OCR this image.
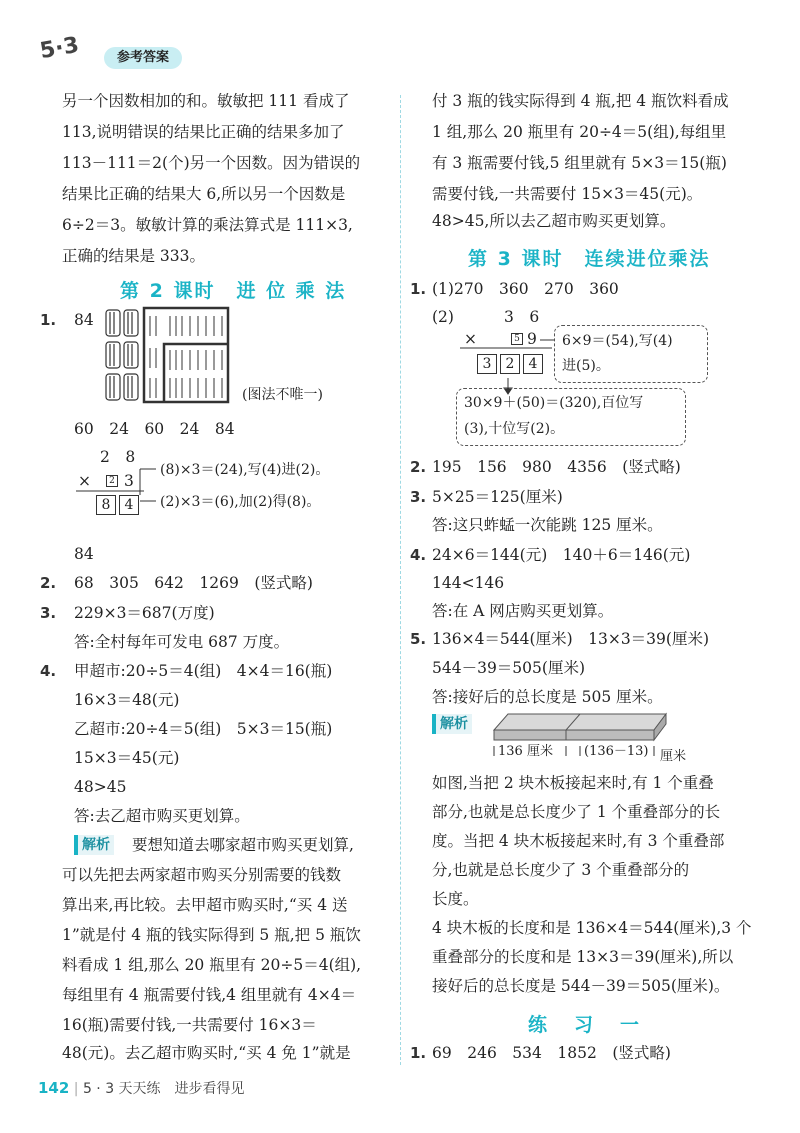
5·3	参考答案
另一个因数相加的和。敏敏把 111 看成了
113,说明错误的结果比正确的结果多加了
113－111＝2(个)另一个因数。因为错误的
结果比正确的结果大 6,所以另一个因数是
6÷2＝3。敏敏计算的乘法算式是 111×3,
正确的结果是 333。
第 2 课时　进 位 乘 法
1. 84
(图法不唯一)
60　24　60　24　84
2　8
×	2 3
8	4
(8)×3＝(24),写(4)进(2)。
(2)×3＝(6),加(2)得(8)。
84
2. 68　305　642　1269　(竖式略)
3. 229×3＝687(万度)
答:全村每年可发电 687 万度。
4. 甲超市:20÷5＝4(组)　4×4＝16(瓶)
16×3＝48(元)
乙超市:20÷4＝5(组)　5×3＝15(瓶)
15×3＝45(元)
48>45
答:去乙超市购买更划算。
解析 要想知道去哪家超市购买更划算,
可以先把去两家超市购买分别需要的钱数
算出来,再比较。去甲超市购买时,“买 4 送
1”就是付 4 瓶的钱实际得到 5 瓶,把 5 瓶饮
料看成 1 组,那么 20 瓶里有 20÷5＝4(组),
每组里有 4 瓶需要付钱,4 组里就有 4×4＝
16(瓶)需要付钱,一共需要付 16×3＝
48(元)。去乙超市购买时,“买 4 免 1”就是
付 3 瓶的钱实际得到 4 瓶,把 4 瓶饮料看成
1 组,那么 20 瓶里有 20÷4＝5(组),每组里
有 3 瓶需要付钱,5 组里就有 5×3＝15(瓶)
需要付钱,一共需要付 15×3＝45(元)。
48>45,所以去乙超市购买更划算。
第 3 课时　连续进位乘法
1. (1)270　360　270　360
(2)	3　6
×	5 9
3	2	4
6×9＝(54),写(4)
进(5)。
30×9＋(50)＝(320),百位写
(3),十位写(2)。
2. 195　156　980　4356　(竖式略)
3. 5×25＝125(厘米)
答:这只蚱蜢一次能跳 125 厘米。
4. 24×6＝144(元)　140＋6＝146(元)
144<146
答:在 A 网店购买更划算。
5. 136×4＝544(厘米)　13×3＝39(厘米)
544－39＝505(厘米)
答:接好后的总长度是 505 厘米。
解析
136 厘米 (136－13) 厘米
如图,当把 2 块木板接起来时,有 1 个重叠
部分,也就是总长度少了 1 个重叠部分的长
度。当把 4 块木板接起来时,有 3 个重叠部
分,也就是总长度少了 3 个重叠部分的
长度。
4 块木板的长度和是 136×4＝544(厘米),3 个
重叠部分的长度和是 13×3＝39(厘米),所以
接好后的总长度是 544－39＝505(厘米)。
练　习　一
1. 69　246　534　1852　(竖式略)
142 | 5 · 3 天天练　进步看得见
